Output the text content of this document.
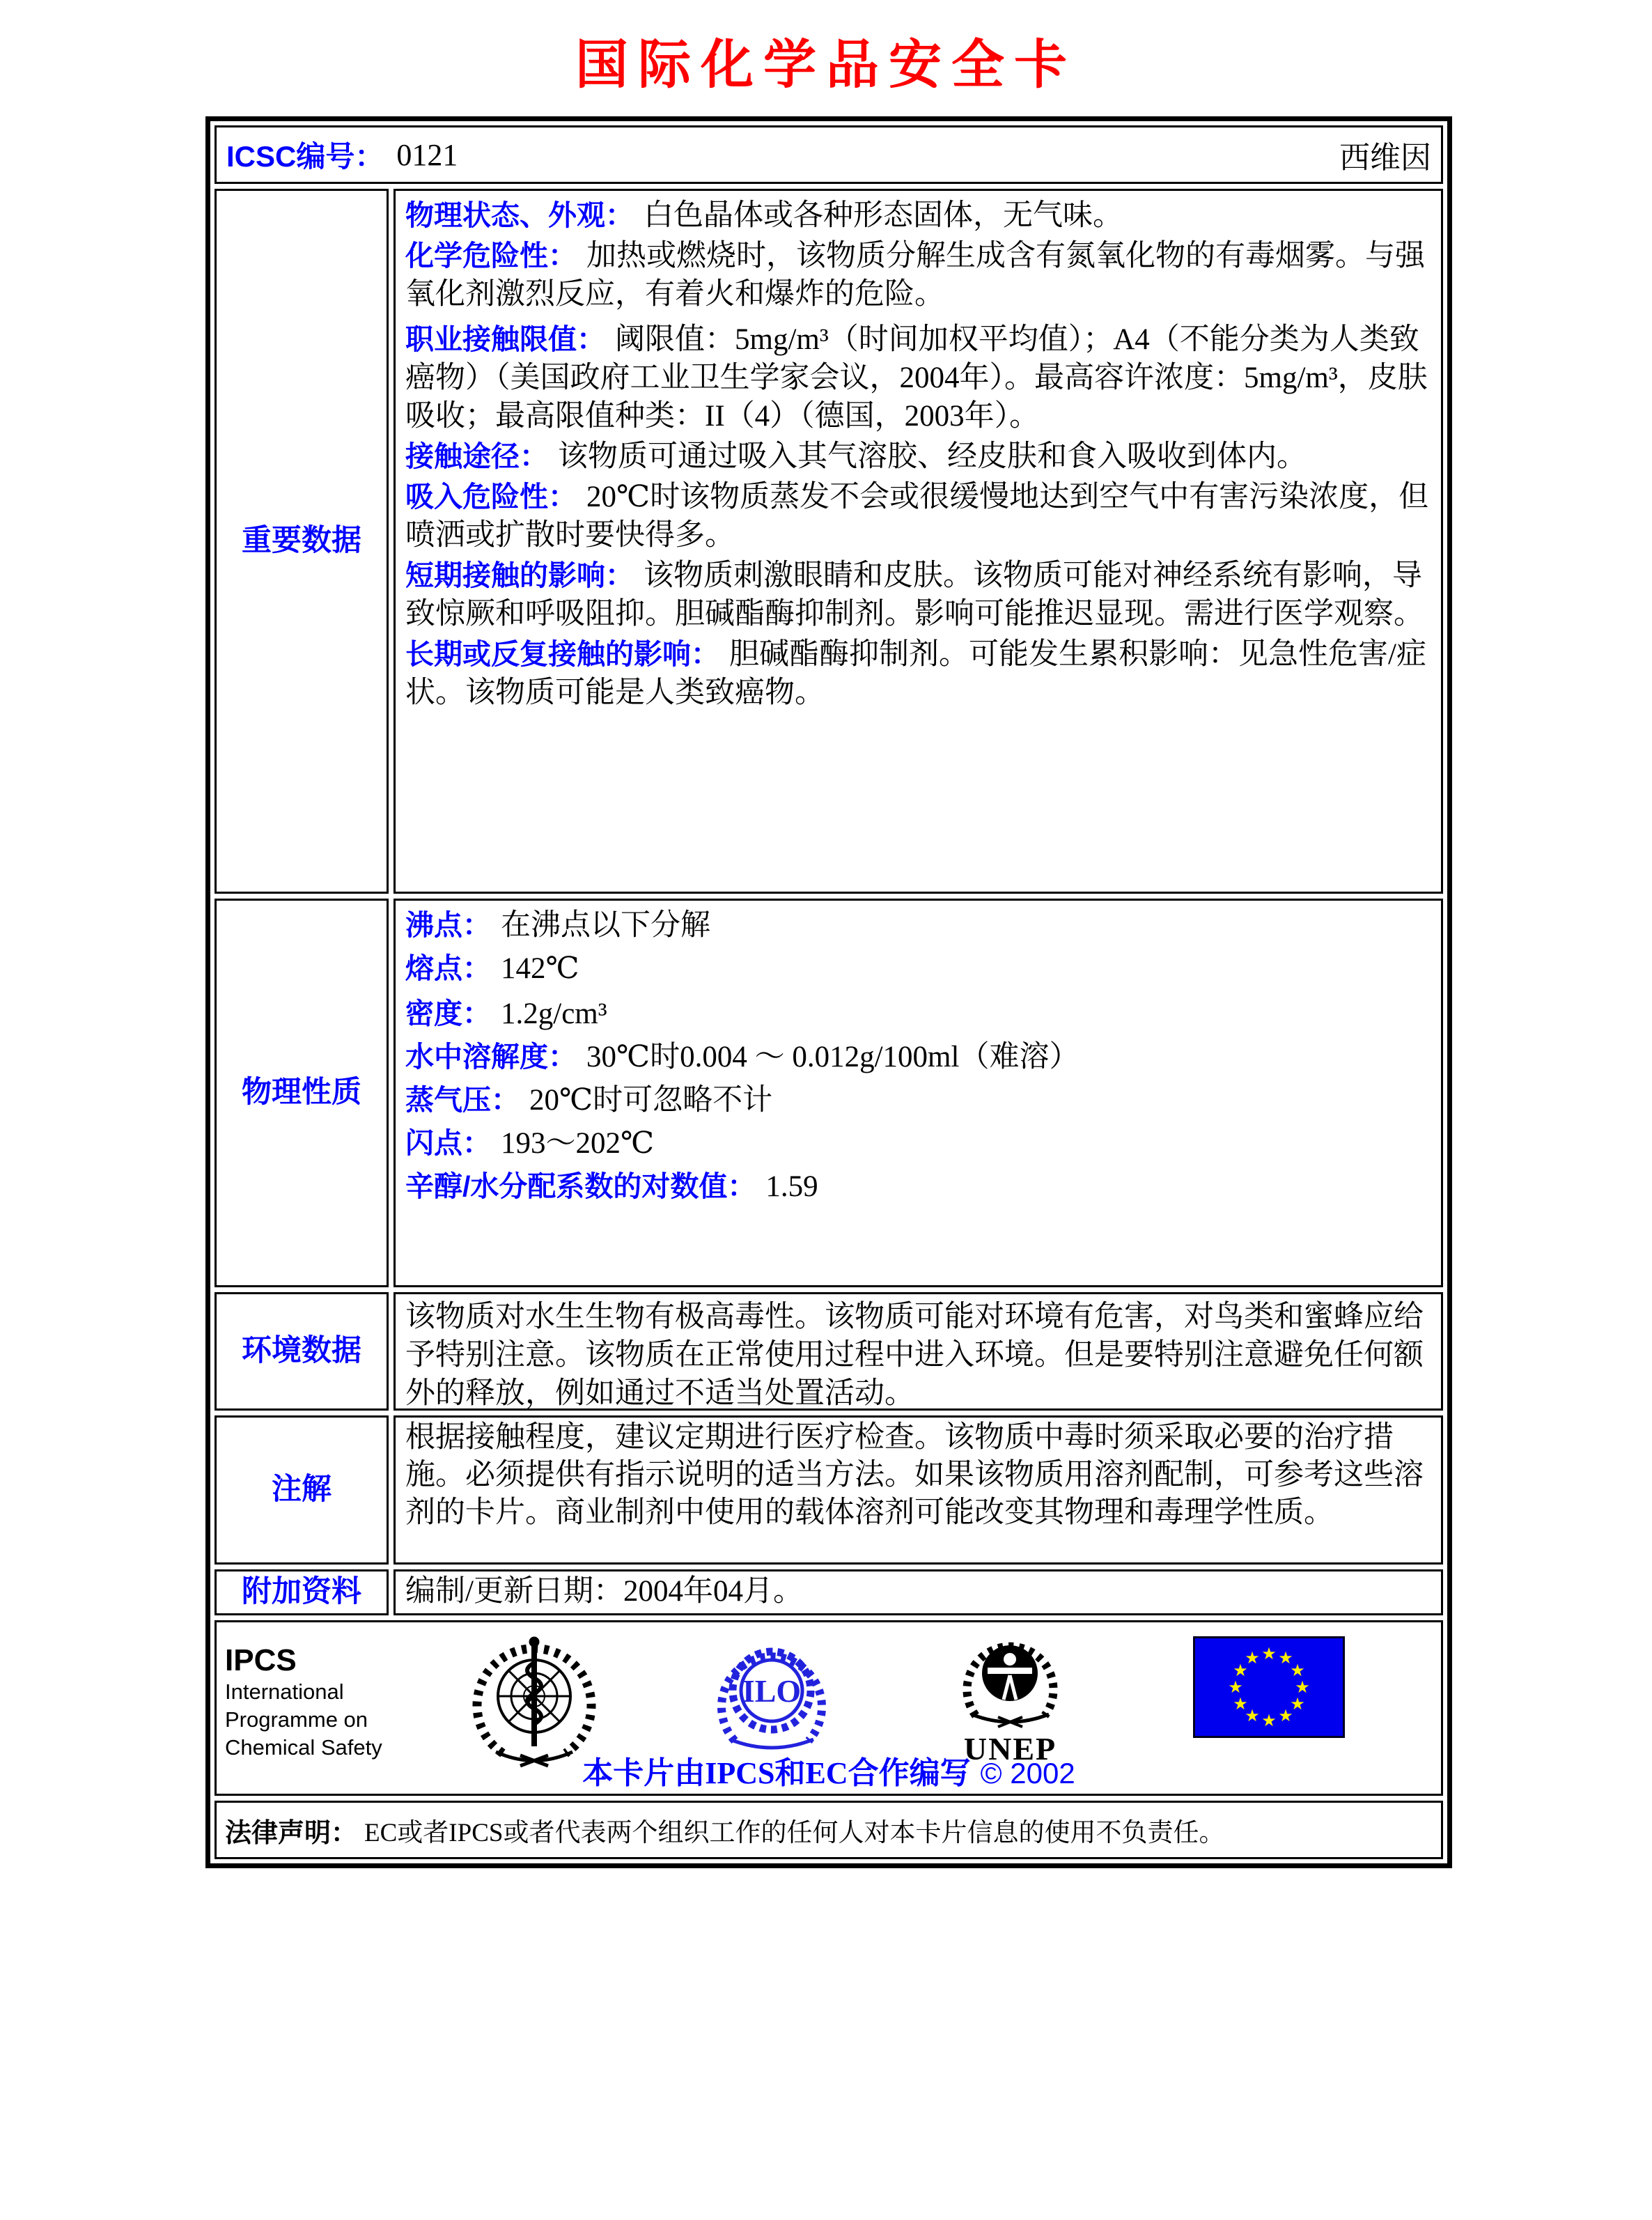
国际化学品安全卡
ICSC编号： 0121	西维因
重要数据

物理状态、外观： 白色晶体或各种形态固体，无气味。

化学危险性： 加热或燃烧时，该物质分解生成含有氮氧化物的有毒烟雾。与强氧化剂激烈反应，有着火和爆炸的危险。

职业接触限值： 阈限值：5mg/m³（时间加权平均值）；A4（不能分类为人类致癌物）（美国政府工业卫生学家会议，2004年）。最高容许浓度：5mg/m³，皮肤吸收；最高限值种类：II（4）（德国，2003年）。

接触途径： 该物质可通过吸入其气溶胶、经皮肤和食入吸收到体内。

吸入危险性： 20℃时该物质蒸发不会或很缓慢地达到空气中有害污染浓度，但喷洒或扩散时要快得多。

短期接触的影响： 该物质刺激眼睛和皮肤。该物质可能对神经系统有影响，导致惊厥和呼吸阻抑。胆碱酯酶抑制剂。影响可能推迟显现。需进行医学观察。

长期或反复接触的影响： 胆碱酯酶抑制剂。可能发生累积影响：见急性危害/症状。该物质可能是人类致癌物。

物理性质

沸点： 在沸点以下分解

熔点： 142℃

密度： 1.2g/cm³

水中溶解度： 30℃时0.004 ～ 0.012g/100ml（难溶）

蒸气压： 20℃时可忽略不计

闪点： 193～202℃

辛醇/水分配系数的对数值： 1.59

环境数据

该物质对水生生物有极高毒性。该物质可能对环境有危害，对鸟类和蜜蜂应给予特别注意。该物质在正常使用过程中进入环境。但是要特别注意避免任何额外的释放，例如通过不适当处置活动。

注解

根据接触程度，建议定期进行医疗检查。该物质中毒时须采取必要的治疗措施。必须提供有指示说明的适当方法。如果该物质用溶剂配制，可参考这些溶剂的卡片。商业制剂中使用的载体溶剂可能改变其物理和毒理学性质。

附加资料	编制/更新日期：2004年04月。

IPCS
International
Programme on
Chemical Safety
ILO
UNEP
★ ★
★
★
★
★
★
★
★
★
★
★
本卡片由IPCS和EC合作编写 © 2002
法律声明： EC或者IPCS或者代表两个组织工作的任何人对本卡片信息的使用不负责任。
